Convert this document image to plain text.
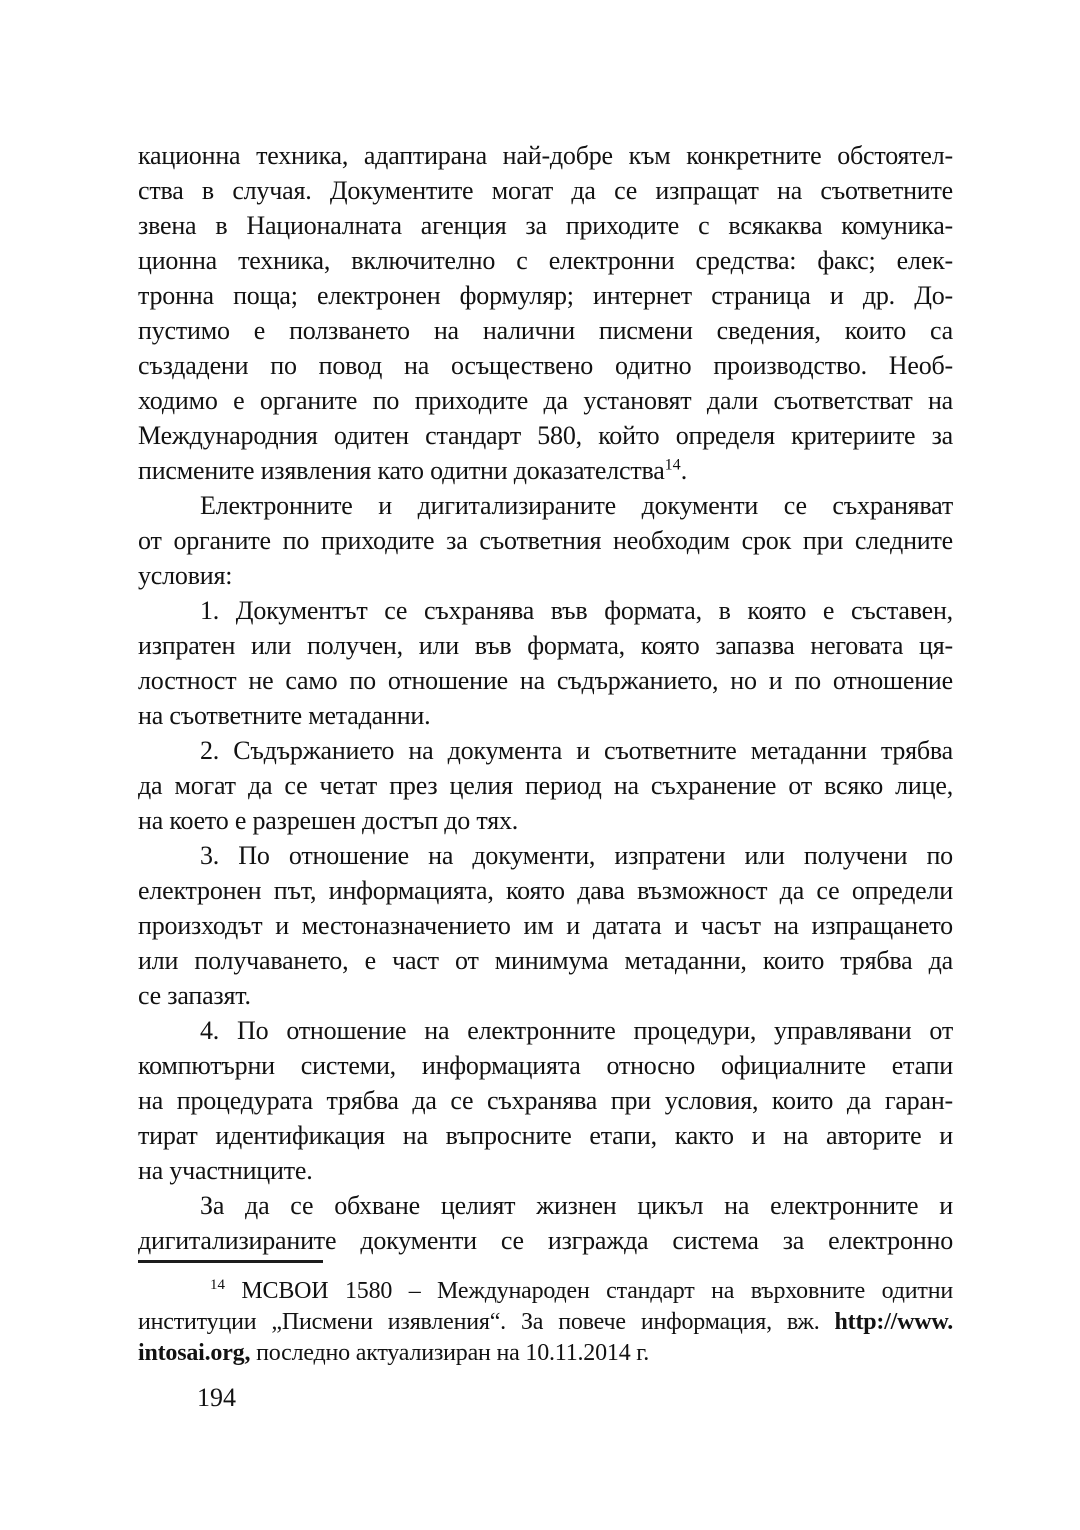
кационна техника, адаптирана най-добре към конкретните обстоятел-
ства в случая. Документите могат да се изпращат на съответните
звена в Националната агенция за приходите с всякаква комуника-
ционна техника, включително с електронни средства: факс; елек-
тронна поща; електронен формуляр; интернет страница и др. До-
пустимо е ползването на налични писмени сведения, които са
създадени по повод на осъществено одитно производство. Необ-
ходимо е органите по приходите да установят дали съответстват на
Международния одитен стандарт 580, който определя критериите за
писмените изявления като одитни доказателства$^{14}$.
Електронните и дигитализираните документи се съхраняват
от органите по приходите за съответния необходим срок при следните
условия:
1. Документът се съхранява във формата, в която е съставен,
изпратен или получен, или във формата, която запазва неговата ця-
лостност не само по отношение на съдържанието, но и по отношение
на съответните метаданни.
2. Съдържанието на документа и съответните метаданни трябва
да могат да се четат през целия период на съхранение от всяко лице,
на което е разрешен достъп до тях.
3. По отношение на документи, изпратени или получени по
електронен път, информацията, която дава възможност да се определи
произходът и местоназначението им и датата и часът на изпращането
или получаването, е част от минимума метаданни, които трябва да
се запазят.
4. По отношение на електронните процедури, управлявани от
компютърни системи, информацията относно официалните етапи
на процедурата трябва да се съхранява при условия, които да гаран-
тират идентификация на въпросните етапи, както и на авторите и
на участниците.
За да се обхване целият жизнен цикъл на електронните и
дигитализираните документи се изгражда система за електронно
$^{14}$ МСВОИ 1580 – Международен стандарт на върховните одитни
институции „Писмени изявления“. За повече информация, вж. http://www.
intosai.org, последно актуализиран на 10.11.2014 г.
194
